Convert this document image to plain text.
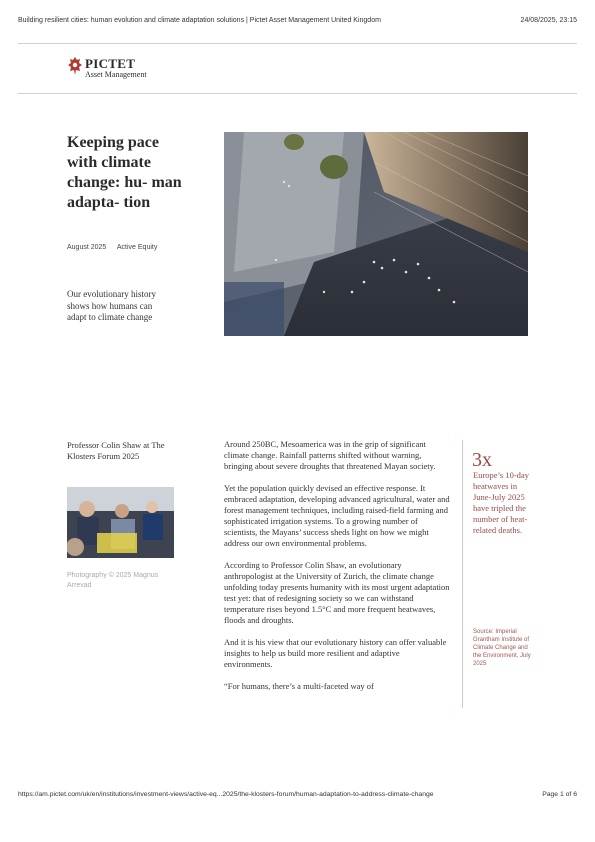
Building resilient cities: human evolution and climate adaptation solutions | Pictet Asset Management United Kingdom	24/08/2025, 23:15
PICTET
Asset Management
Keeping pace with climate change: hu- man adapta- tion
August 2025 Active Equity

Our evolutionary history shows how humans can adapt to climate change

Professor Colin Shaw at The Klosters Forum 2025

Photography © 2025 Magnus Arrevad

Around 250BC, Mesoamerica was in the grip of significant climate change. Rainfall patterns shifted without warning, bringing about severe droughts that threatened Mayan society.

Yet the population quickly devised an effective response. It embraced adaptation, developing advanced agricultural, water and forest management techniques, including raised-field farming and sophisticated irrigation systems. To a growing number of scientists, the Mayans’ success sheds light on how we might address our own environmental problems.

According to Professor Colin Shaw, an evolutionary anthropologist at the University of Zurich, the climate change unfolding today presents humanity with its most urgent adaptation test yet: that of redesigning society so we can withstand temperature rises beyond 1.5°C and more frequent heatwaves, floods and droughts.

And it is his view that our evolutionary history can offer valuable insights to help us build more resilient and adaptive environments.

“For humans, there’s a multi-faceted way of

3x

Europe’s 10-day heatwaves in June-July 2025 have tripled the number of heat-related deaths.

Source: Imperial Grantham Institute of Climate Change and the Environment, July 2025

https://am.pictet.com/uk/en/institutions/investment-views/active-eq...2025/the-klosters-forum/human-adaptation-to-address-climate-change	Page 1 of 6
